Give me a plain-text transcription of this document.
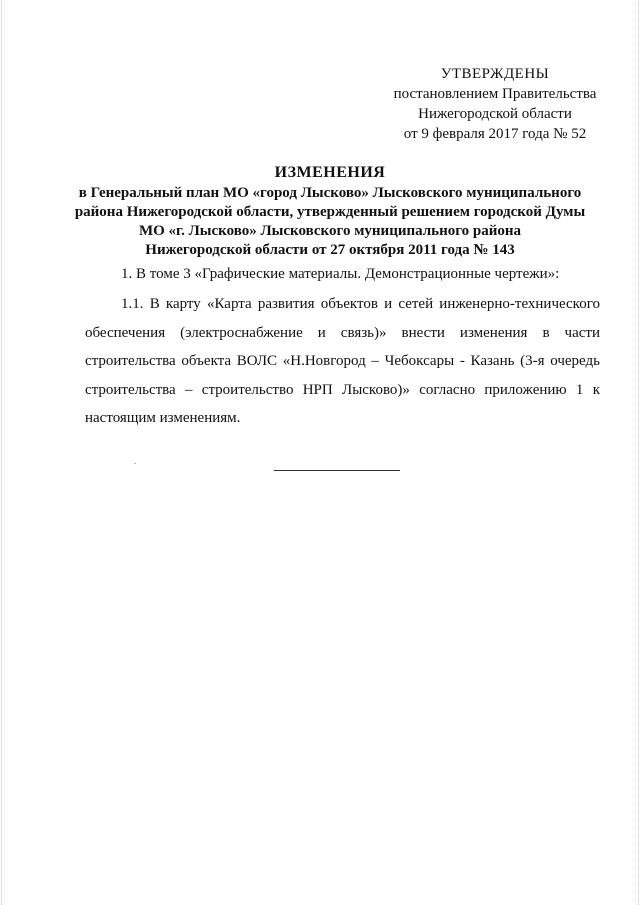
УТВЕРЖДЕНЫ
постановлением Правительства
Нижегородской области
от 9 февраля 2017 года № 52
ИЗМЕНЕНИЯ
в Генеральный план МО «город Лысково» Лысковского муниципального
района Нижегородской области, утвержденный решением городской Думы
МО «г. Лысково» Лысковского муниципального района
Нижегородской области от 27 октября 2011 года № 143

1. В томе 3 «Графические материалы. Демонстрационные чертежи»:

1.1. В карту «Карта развития объектов и сетей инженерно-технического обеспечения (электроснабжение и связь)» внести изменения в части строительства объекта ВОЛС «Н.Новгород – Чебоксары - Казань (3-я очередь строительства – строительство НРП Лысково)» согласно приложению 1 к настоящим изменениям.
